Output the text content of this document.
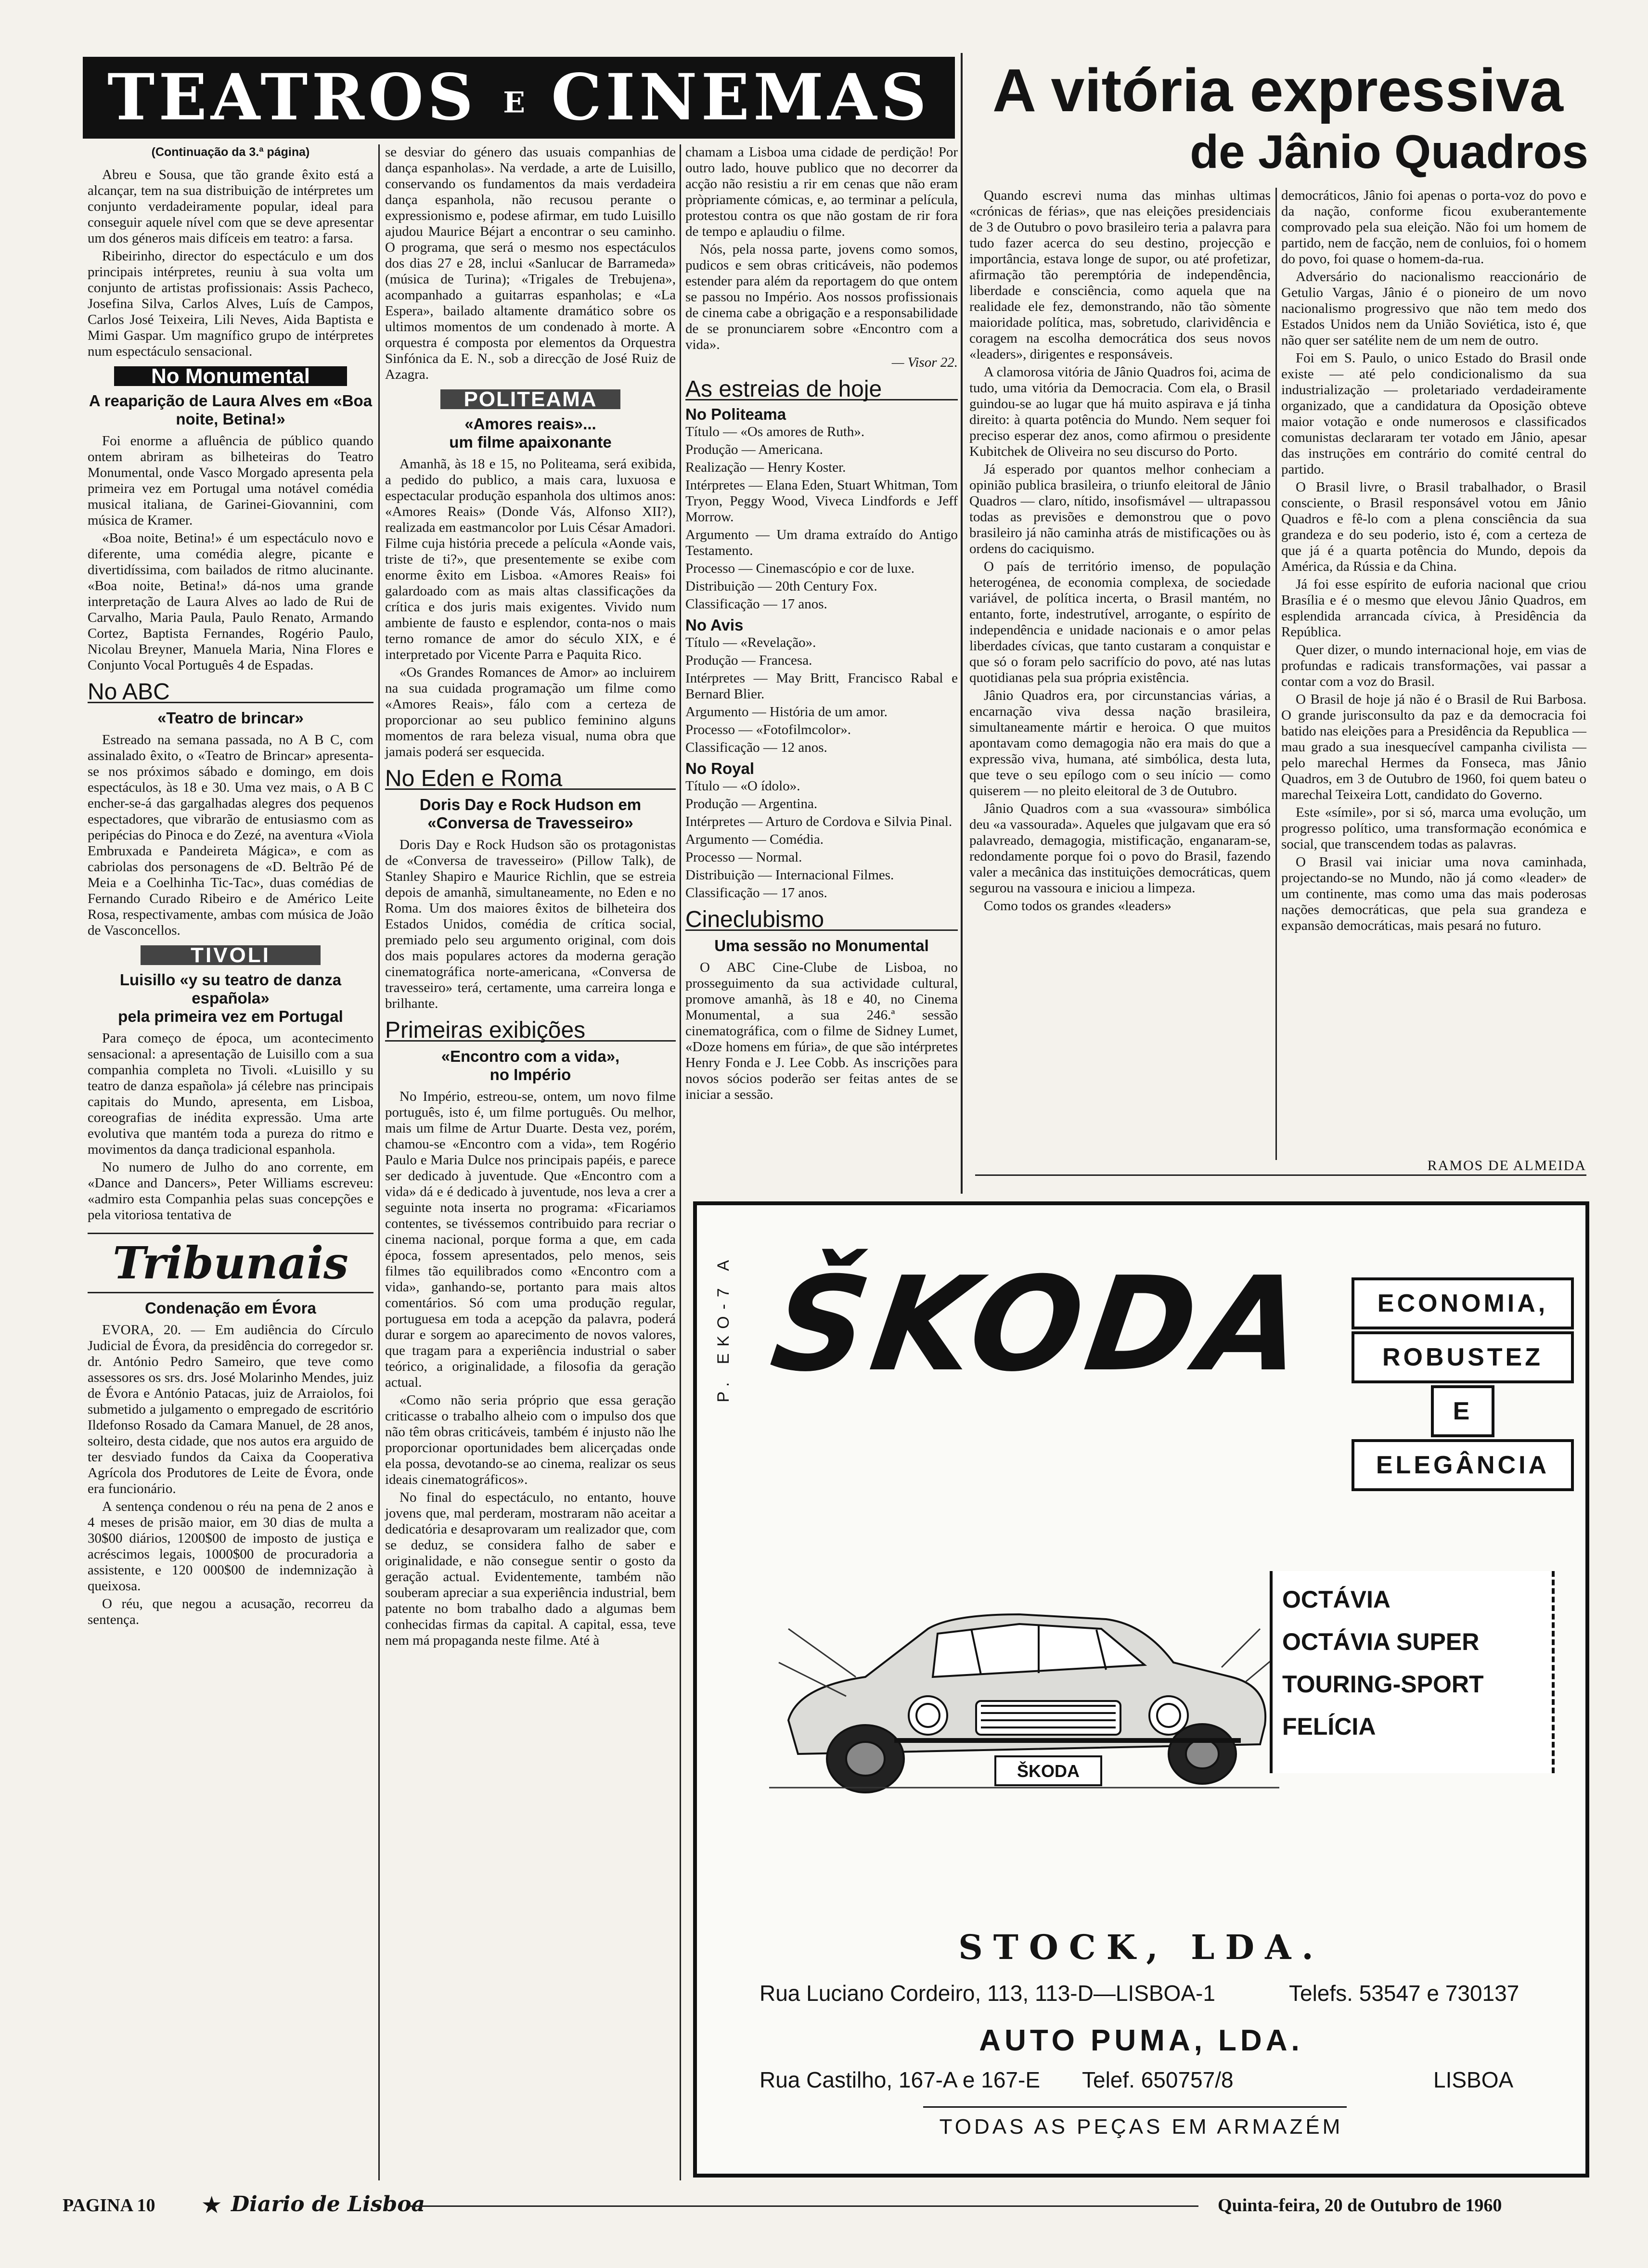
TEATROS E CINEMAS	A vitória expressiva
de Jânio Quadros
(Continuação da 3.ª página)

Abreu e Sousa, que tão grande êxito está a alcançar, tem na sua distribuição de intérpretes um conjunto verdadeiramente popular, ideal para conseguir aquele nível com que se deve apresentar um dos géneros mais difíceis em teatro: a farsa.

Ribeirinho, director do espectáculo e um dos principais intérpretes, reuniu à sua volta um conjunto de artistas profissionais: Assis Pacheco, Josefina Silva, Carlos Alves, Luís de Campos, Carlos José Teixeira, Lili Neves, Aida Baptista e Mimi Gaspar. Um magnífico grupo de intérpretes num espectáculo sensacional.

No Monumental
A reaparição de Laura Alves em «Boa noite, Betina!»

Foi enorme a afluência de público quando ontem abriram as bilheteiras do Teatro Monumental, onde Vasco Morgado apresenta pela primeira vez em Portugal uma notável comédia musical italiana, de Garinei-Giovannini, com música de Kramer.

«Boa noite, Betina!» é um espectáculo novo e diferente, uma comédia alegre, picante e divertidíssima, com bailados de ritmo alucinante. «Boa noite, Betina!» dá-nos uma grande interpretação de Laura Alves ao lado de Rui de Carvalho, Maria Paula, Paulo Renato, Armando Cortez, Baptista Fernandes, Rogério Paulo, Nicolau Breyner, Manuela Maria, Nina Flores e Conjunto Vocal Português 4 de Espadas.

No ABC
«Teatro de brincar»

Estreado na semana passada, no A B C, com assinalado êxito, o «Teatro de Brincar» apresenta-se nos próximos sábado e domingo, em dois espectáculos, às 18 e 30. Uma vez mais, o A B C encher-se-á das gargalhadas alegres dos pequenos espectadores, que vibrarão de entusiasmo com as peripécias do Pinoca e do Zezé, na aventura «Viola Embruxada e Pandeireta Mágica», e com as cabriolas dos personagens de «D. Beltrão Pé de Meia e a Coelhinha Tic-Tac», duas comédias de Fernando Curado Ribeiro e de Américo Leite Rosa, respectivamente, ambas com música de João de Vasconcellos.

TIVOLI
Luisillo «y su teatro de danza española»
pela primeira vez em Portugal

Para começo de época, um acontecimento sensacional: a apresentação de Luisillo com a sua companhia completa no Tivoli. «Luisillo y su teatro de danza española» já célebre nas principais capitais do Mundo, apresenta, em Lisboa, coreografias de inédita expressão. Uma arte evolutiva que mantém toda a pureza do ritmo e movimentos da dança tradicional espanhola.

No numero de Julho do ano corrente, em «Dance and Dancers», Peter Williams escreveu: «admiro esta Companhia pelas suas concepções e pela vitoriosa tentativa de

Tribunais
Condenação em Évora

EVORA, 20. — Em audiência do Círculo Judicial de Évora, da presidência do corregedor sr. dr. António Pedro Sameiro, que teve como assessores os srs. drs. José Molarinho Mendes, juiz de Évora e António Patacas, juiz de Arraiolos, foi submetido a julgamento o empregado de escritório Ildefonso Rosado da Camara Manuel, de 28 anos, solteiro, desta cidade, que nos autos era arguido de ter desviado fundos da Caixa da Cooperativa Agrícola dos Produtores de Leite de Évora, onde era funcionário.

A sentença condenou o réu na pena de 2 anos e 4 meses de prisão maior, em 30 dias de multa a 30$00 diários, 1200$00 de imposto de justiça e acréscimos legais, 1000$00 de procuradoria a assistente, e 120 000$00 de indemnização à queixosa.

O réu, que negou a acusação, recorreu da sentença.

se desviar do género das usuais companhias de dança espanholas». Na verdade, a arte de Luisillo, conservando os fundamentos da mais verdadeira dança espanhola, não recusou perante o expressionismo e, podese afirmar, em tudo Luisillo ajudou Maurice Béjart a encontrar o seu caminho. O programa, que será o mesmo nos espectáculos dos dias 27 e 28, inclui «Sanlucar de Barrameda» (música de Turina); «Trigales de Trebujena», acompanhado a guitarras espanholas; e «La Espera», bailado altamente dramático sobre os ultimos momentos de um condenado à morte. A orquestra é composta por elementos da Orquestra Sinfónica da E. N., sob a direcção de José Ruiz de Azagra.

POLITEAMA
«Amores reais»...
um filme apaixonante

Amanhã, às 18 e 15, no Politeama, será exibida, a pedido do publico, a mais cara, luxuosa e espectacular produção espanhola dos ultimos anos: «Amores Reais» (Donde Vás, Alfonso XII?), realizada em eastmancolor por Luis César Amadori. Filme cuja história precede a película «Aonde vais, triste de ti?», que presentemente se exibe com enorme êxito em Lisboa. «Amores Reais» foi galardoado com as mais altas classificações da crítica e dos juris mais exigentes. Vivido num ambiente de fausto e esplendor, conta-nos o mais terno romance de amor do século XIX, e é interpretado por Vicente Parra e Paquita Rico.

«Os Grandes Romances de Amor» ao incluirem na sua cuidada programação um filme como «Amores Reais», fálo com a certeza de proporcionar ao seu publico feminino alguns momentos de rara beleza visual, numa obra que jamais poderá ser esquecida.

No Eden e Roma
Doris Day e Rock Hudson em «Conversa de Travesseiro»

Doris Day e Rock Hudson são os protagonistas de «Conversa de travesseiro» (Pillow Talk), de Stanley Shapiro e Maurice Richlin, que se estreia depois de amanhã, simultaneamente, no Eden e no Roma. Um dos maiores êxitos de bilheteira dos Estados Unidos, comédia de crítica social, premiado pelo seu argumento original, com dois dos mais populares actores da moderna geração cinematográfica norte-americana, «Conversa de travesseiro» terá, certamente, uma carreira longa e brilhante.

Primeiras exibições
«Encontro com a vida»,
no Império

No Império, estreou-se, ontem, um novo filme português, isto é, um filme português. Ou melhor, mais um filme de Artur Duarte. Desta vez, porém, chamou-se «Encontro com a vida», tem Rogério Paulo e Maria Dulce nos principais papéis, e parece ser dedicado à juventude. Que «Encontro com a vida» dá e é dedicado à juventude, nos leva a crer a seguinte nota inserta no programa: «Ficariamos contentes, se tivéssemos contribuido para recriar o cinema nacional, porque forma a que, em cada época, fossem apresentados, pelo menos, seis filmes tão equilibrados como «Encontro com a vida», ganhando-se, portanto para mais altos comentários. Só com uma produção regular, portuguesa em toda a acepção da palavra, poderá durar e sorgem ao aparecimento de novos valores, que tragam para a experiência industrial o saber teórico, a originalidade, a filosofia da geração actual.

«Como não seria próprio que essa geração criticasse o trabalho alheio com o impulso dos que não têm obras criticáveis, também é injusto não lhe proporcionar oportunidades bem alicerçadas onde ela possa, devotando-se ao cinema, realizar os seus ideais cinematográficos».

No final do espectáculo, no entanto, houve jovens que, mal perderam, mostraram não aceitar a dedicatória e desaprovaram um realizador que, com se deduz, se considera falho de saber e originalidade, e não consegue sentir o gosto da geração actual. Evidentemente, também não souberam apreciar a sua experiência industrial, bem patente no bom trabalho dado a algumas bem conhecidas firmas da capital. A capital, essa, teve nem má propaganda neste filme. Até à

chamam a Lisboa uma cidade de perdição! Por outro lado, houve publico que no decorrer da acção não resistiu a rir em cenas que não eram pròpriamente cómicas, e, ao terminar a película, protestou contra os que não gostam de rir fora de tempo e aplaudiu o filme.

Nós, pela nossa parte, jovens como somos, pudicos e sem obras criticáveis, não podemos estender para além da reportagem do que ontem se passou no Império. Aos nossos profissionais de cinema cabe a obrigação e a responsabilidade de se pronunciarem sobre «Encontro com a vida».

— Visor 22.
As estreias de hoje
No Politeama

Título — «Os amores de Ruth».

Produção — Americana.

Realização — Henry Koster.

Intérpretes — Elana Eden, Stuart Whitman, Tom Tryon, Peggy Wood, Viveca Lindfords e Jeff Morrow.

Argumento — Um drama extraído do Antigo Testamento.

Processo — Cinemascópio e cor de luxe.

Distribuição — 20th Century Fox.

Classificação — 17 anos.

No Avis

Título — «Revelação».

Produção — Francesa.

Intérpretes — May Britt, Francisco Rabal e Bernard Blier.

Argumento — História de um amor.

Processo — «Fotofilmcolor».

Classificação — 12 anos.

No Royal

Título — «O ídolo».

Produção — Argentina.

Intérpretes — Arturo de Cordova e Silvia Pinal.

Argumento — Comédia.

Processo — Normal.

Distribuição — Internacional Filmes.

Classificação — 17 anos.

Cineclubismo
Uma sessão no Monumental

O ABC Cine-Clube de Lisboa, no prosseguimento da sua actividade cultural, promove amanhã, às 18 e 40, no Cinema Monumental, a sua 246.ª sessão cinematográfica, com o filme de Sidney Lumet, «Doze homens em fúria», de que são intérpretes Henry Fonda e J. Lee Cobb. As inscrições para novos sócios poderão ser feitas antes de se iniciar a sessão.

Quando escrevi numa das minhas ultimas «crónicas de férias», que nas eleições presidenciais de 3 de Outubro o povo brasileiro teria a palavra para tudo fazer acerca do seu destino, projecção e importância, estava longe de supor, ou até profetizar, afirmação tão peremptória de independência, liberdade e consciência, como aquela que na realidade ele fez, demonstrando, não tão sòmente maioridade política, mas, sobretudo, clarividência e coragem na escolha democrática dos seus novos «leaders», dirigentes e responsáveis.

A clamorosa vitória de Jânio Quadros foi, acima de tudo, uma vitória da Democracia. Com ela, o Brasil guindou-se ao lugar que há muito aspirava e já tinha direito: à quarta potência do Mundo. Nem sequer foi preciso esperar dez anos, como afirmou o presidente Kubitchek de Oliveira no seu discurso do Porto.

Já esperado por quantos melhor conheciam a opinião publica brasileira, o triunfo eleitoral de Jânio Quadros — claro, nítido, insofismável — ultrapassou todas as previsões e demonstrou que o povo brasileiro já não caminha atrás de mistificações ou às ordens do caciquismo.

O país de território imenso, de população heterogénea, de economia complexa, de sociedade variável, de política incerta, o Brasil mantém, no entanto, forte, indestrutível, arrogante, o espírito de independência e unidade nacionais e o amor pelas liberdades cívicas, que tanto custaram a conquistar e que só o foram pelo sacrifício do povo, até nas lutas quotidianas pela sua própria existência.

Jânio Quadros era, por circunstancias várias, a encarnação viva dessa nação brasileira, simultaneamente mártir e heroica. O que muitos apontavam como demagogia não era mais do que a expressão viva, humana, até simbólica, desta luta, que teve o seu epílogo com o seu início — como quiserem — no pleito eleitoral de 3 de Outubro.

Jânio Quadros com a sua «vassoura» simbólica deu «a vassourada». Aqueles que julgavam que era só palavreado, demagogia, mistificação, enganaram-se, redondamente porque foi o povo do Brasil, fazendo valer a mecânica das instituições democráticas, quem segurou na vassoura e iniciou a limpeza.

Como todos os grandes «leaders»

democráticos, Jânio foi apenas o porta-voz do povo e da nação, conforme ficou exuberantemente comprovado pela sua eleição. Não foi um homem de partido, nem de facção, nem de conluios, foi o homem do povo, foi quase o homem-da-rua.

Adversário do nacionalismo reaccionário de Getulio Vargas, Jânio é o pioneiro de um novo nacionalismo progressivo que não tem medo dos Estados Unidos nem da União Soviética, isto é, que não quer ser satélite nem de um nem de outro.

Foi em S. Paulo, o unico Estado do Brasil onde existe — até pelo condicionalismo da sua industrialização — proletariado verdadeiramente organizado, que a candidatura da Oposição obteve maior votação e onde numerosos e classificados comunistas declararam ter votado em Jânio, apesar das instruções em contrário do comité central do partido.

O Brasil livre, o Brasil trabalhador, o Brasil consciente, o Brasil responsável votou em Jânio Quadros e fê-lo com a plena consciência da sua grandeza e do seu poderio, isto é, com a certeza de que já é a quarta potência do Mundo, depois da América, da Rússia e da China.

Já foi esse espírito de euforia nacional que criou Brasília e é o mesmo que elevou Jânio Quadros, em esplendida arrancada cívica, à Presidência da República.

Quer dizer, o mundo internacional hoje, em vias de profundas e radicais transformações, vai passar a contar com a voz do Brasil.

O Brasil de hoje já não é o Brasil de Rui Barbosa. O grande jurisconsulto da paz e da democracia foi batido nas eleições para a Presidência da Republica — mau grado a sua inesquecível campanha civilista — pelo marechal Hermes da Fonseca, mas Jânio Quadros, em 3 de Outubro de 1960, foi quem bateu o marechal Teixeira Lott, candidato do Governo.

Este «símile», por si só, marca uma evolução, um progresso político, uma transformação económica e social, que transcendem todas as palavras.

O Brasil vai iniciar uma nova caminhada, projectando-se no Mundo, não já como «leader» de um continente, mas como uma das mais poderosas nações democráticas, que pela sua grandeza e expansão democráticas, mais pesará no futuro.

RAMOS DE ALMEIDA
P. EKO-7 A ŠKODA	ECONOMIA,
ROBUSTEZ
E
ELEGÂNCIA
ŠKODA
OCTÁVIA
OCTÁVIA SUPER
TOURING-SPORT
FELÍCIA
STOCK, LDA.
Rua Luciano Cordeiro, 113, 113-D—LISBOA-1	Telefs. 53547 e 730137
AUTO PUMA, LDA.
Rua Castilho, 167-A e 167-E Telef. 650757/8	LISBOA
TODAS AS PEÇAS EM ARMAZÉM
PAGINA 10 ★ Diario de Lisboa	Quinta-feira, 20 de Outubro de 1960
